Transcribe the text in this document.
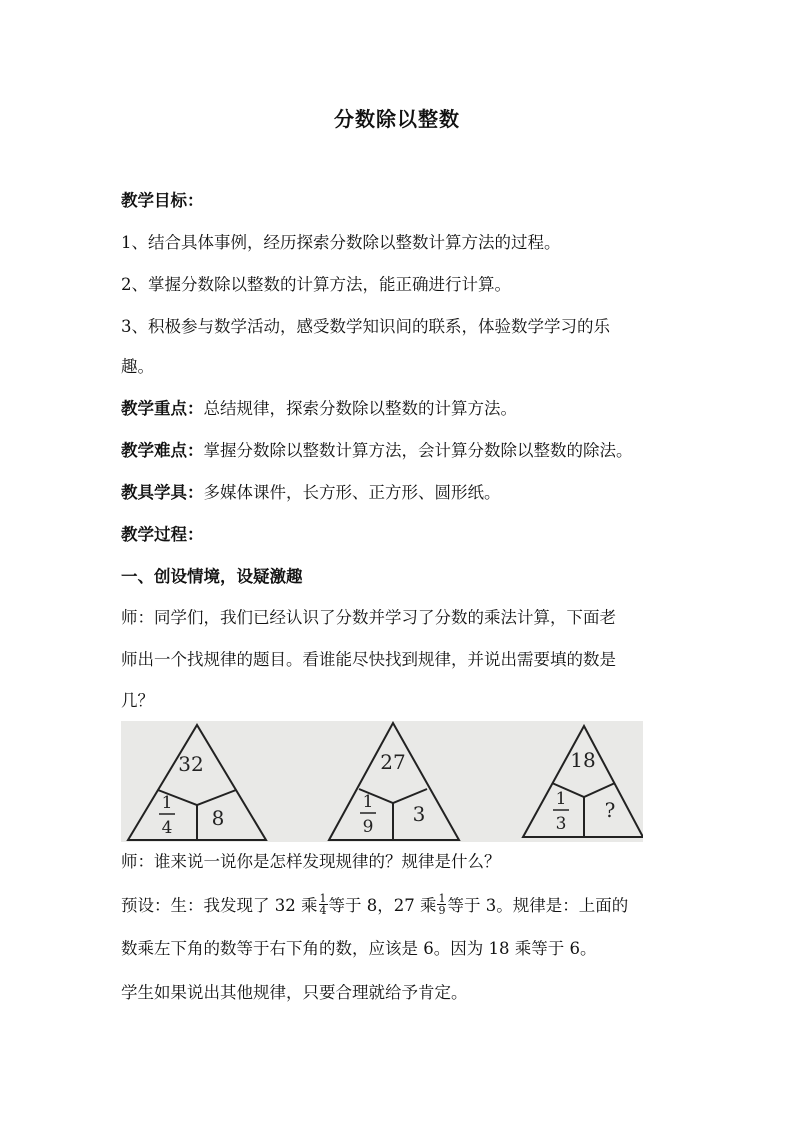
分数除以整数
教学目标：
1、结合具体事例，经历探索分数除以整数计算方法的过程。
2、掌握分数除以整数的计算方法，能正确进行计算。
3、积极参与数学活动，感受数学知识间的联系，体验数学学习的乐
趣。
教学重点：总结规律，探索分数除以整数的计算方法。
教学难点：掌握分数除以整数计算方法，会计算分数除以整数的除法。
教具学具：多媒体课件，长方形、正方形、圆形纸。
教学过程：
一、创设情境，设疑激趣
师：同学们，我们已经认识了分数并学习了分数的乘法计算，下面老
师出一个找规律的题目。看谁能尽快找到规律，并说出需要填的数是
几？
32
1
4 8
27
1
9
3
18
1
3
?
师：谁来说一说你是怎样发现规律的？规律是什么？
预设：生：我发现了 32 乘 $\frac{1}{4}$ 等于 8，27 乘 $\frac{1}{9}$ 等于 3。规律是：上面的
数乘左下角的数等于右下角的数，应该是 6。因为 18 乘等于 6。
学生如果说出其他规律，只要合理就给予肯定。
